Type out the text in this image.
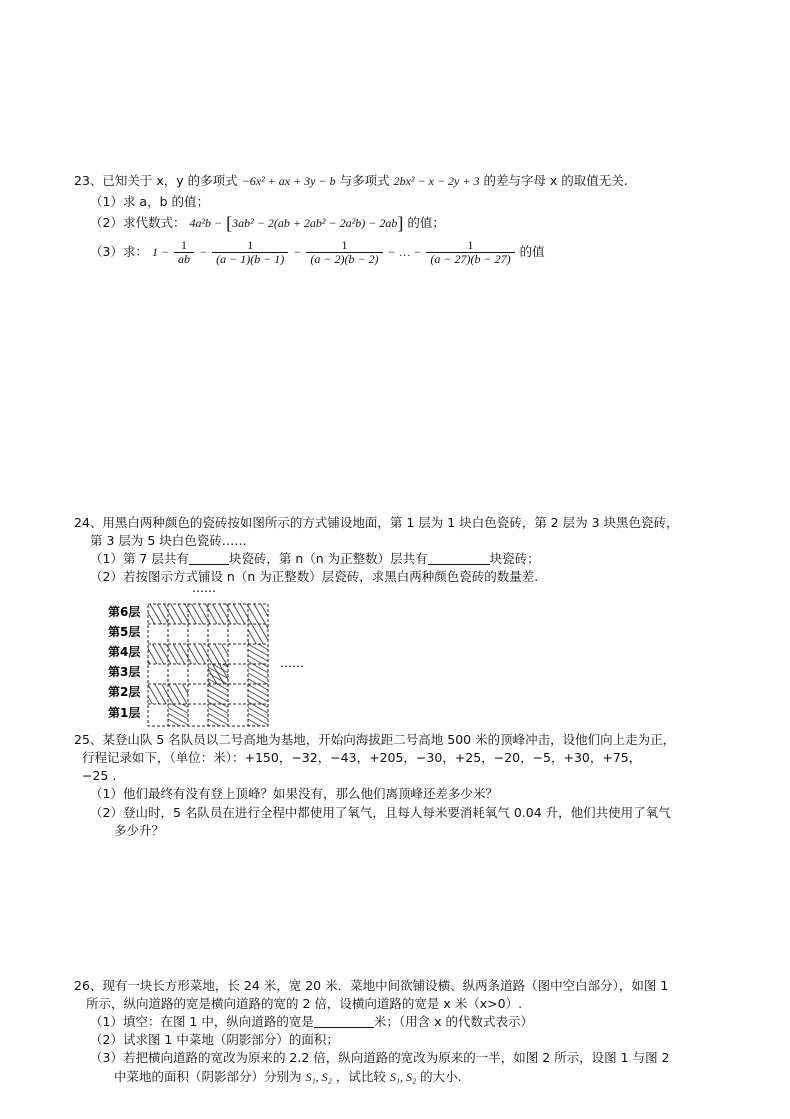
23、已知关于 x，y 的多项式 −6x² + ax + 3y − b 与多项式 2bx² − x − 2y + 3 的差与字母 x 的取值无关.
（1）求 a，b 的值；
（2）求代数式： 4a²b − [3ab² − 2(ab + 2ab² − 2a²b) − 2ab] 的值；
（3）求： $1 - \frac{1}{ab} - \frac{1}{(a - 1)(b - 1)} - \frac{1}{(a - 2)(b - 2)}$ − … − $\frac{1}{(a - 27)(b - 27)}$ 的值
24、用黑白两种颜色的瓷砖按如图所示的方式铺设地面，第 1 层为 1 块白色瓷砖，第 2 层为 3 块黑色瓷砖，
第 3 层为 5 块白色瓷砖……
（1）第 7 层共有	块瓷砖，第 n（n 为正整数）层共有	块瓷砖；
（2）若按图示方式铺设 n（n 为正整数）层瓷砖，求黑白两种颜色瓷砖的数量差.
第6层
第5层
第4层
第3层
第2层
第1层
……
……
25、某登山队 5 名队员以二号高地为基地，开始向海拔距二号高地 500 米的顶峰冲击，设他们向上走为正，
行程记录如下，（单位：米）：+150，−32，−43，+205，−30，+25，−20，−5，+30，+75，
−25 .
（1）他们最终有没有登上顶峰？如果没有，那么他们离顶峰还差多少米？
（2）登山时，5 名队员在进行全程中都使用了氧气，且每人每米要消耗氧气 0.04 升，他们共使用了氧气
多少升？
26、现有一块长方形菜地，长 24 米，宽 20 米．菜地中间欲铺设横、纵两条道路（图中空白部分），如图 1
所示，纵向道路的宽是横向道路的宽的 2 倍，设横向道路的宽是 x 米（x>0）.
（1）填空：在图 1 中，纵向道路的宽是	米；（用含 x 的代数式表示）
（2）试求图 1 中菜地（阴影部分）的面积；
（3）若把横向道路的宽改为原来的 2.2 倍，纵向道路的宽改为原来的一半，如图 2 所示，设图 1 与图 2
中菜地的面积（阴影部分）分别为 S₁, S₂ ，试比较 S₁, S₂ 的大小.
